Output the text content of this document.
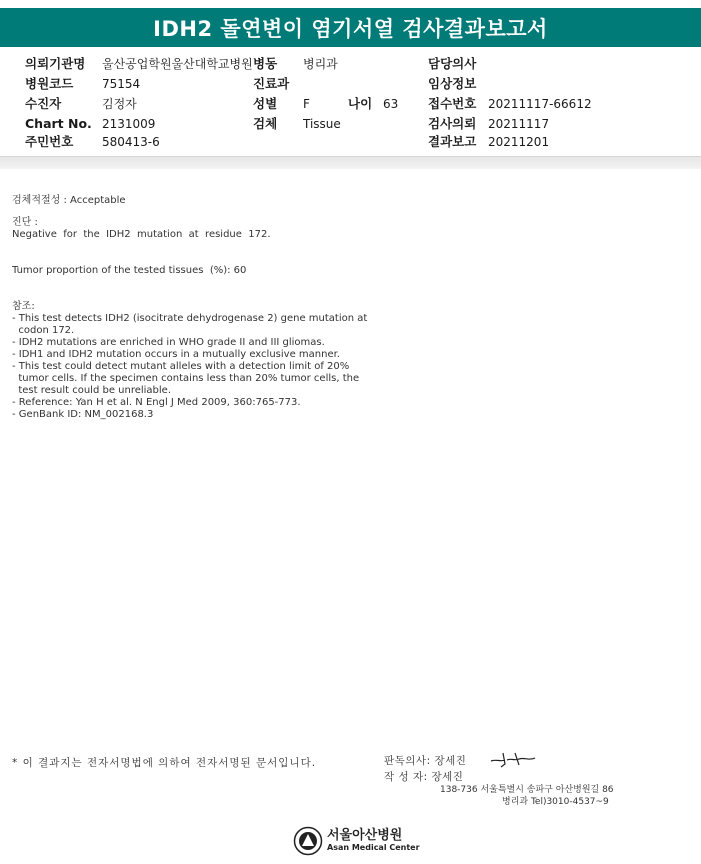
IDH2 돌연변이 염기서열 검사결과보고서
의뢰기관명 울산공업학원울산대학교병원 병동 병리과	담당의사
병원코드 75154	진료과	임상정보
수진자	김정자	성별 F	나이 63 접수번호 20211117-66612
Chart No. 2131009	검체 Tissue	검사의뢰 20211117
주민번호 580413-6	결과보고 20211201
검체적절성 : Acceptable
진단 :
Negative  for  the  IDH2  mutation  at  residue  172.
Tumor proportion of the tested tissues  (%): 60
참조:
- This test detects IDH2 (isocitrate dehydrogenase 2) gene mutation at
codon 172.
- IDH2 mutations are enriched in WHO grade II and III gliomas.
- IDH1 and IDH2 mutation occurs in a mutually exclusive manner.
- This test could detect mutant alleles with a detection limit of 20%
tumor cells. If the specimen contains less than 20% tumor cells, the
test result could be unreliable.
- Reference: Yan H et al. N Engl J Med 2009, 360:765-773.
- GenBank ID: NM_002168.3
* 이 결과지는 전자서명법에 의하여 전자서명된 문서입니다.	판독의사: 장세진
작 성 자: 장세진
138-736 서울특별시 송파구 아산병원길 86
병리과 Tel)3010-4537~9
서울아산병원
Asan Medical Center
